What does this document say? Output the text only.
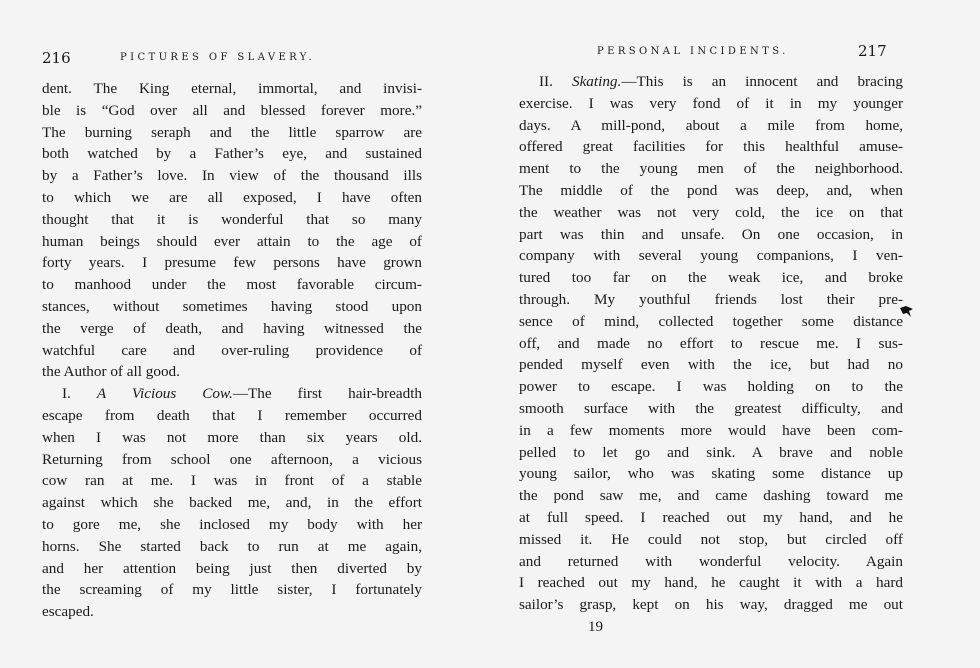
216	PICTURES OF SLAVERY.
dent. The King eternal, immortal, and invisi-
ble is “God over all and blessed forever more.”
The burning seraph and the little sparrow are
both watched by a Father’s eye, and sustained
by a Father’s love. In view of the thousand ills
to which we are all exposed, I have often
thought that it is wonderful that so many
human beings should ever attain to the age of
forty years. I presume few persons have grown
to manhood under the most favorable circum-
stances, without sometimes having stood upon
the verge of death, and having witnessed the
watchful care and over-ruling providence of
the Author of all good.
I. A Vicious Cow.—The first hair-breadth
escape from death that I remember occurred
when I was not more than six years old.
Returning from school one afternoon, a vicious
cow ran at me. I was in front of a stable
against which she backed me, and, in the effort
to gore me, she inclosed my body with her
horns. She started back to run at me again,
and her attention being just then diverted by
the screaming of my little sister, I fortunately
escaped.
PERSONAL INCIDENTS.	217
II. Skating.—This is an innocent and bracing
exercise. I was very fond of it in my younger
days. A mill-pond, about a mile from home,
offered great facilities for this healthful amuse-
ment to the young men of the neighborhood.
The middle of the pond was deep, and, when
the weather was not very cold, the ice on that
part was thin and unsafe. On one occasion, in
company with several young companions, I ven-
tured too far on the weak ice, and broke
through. My youthful friends lost their pre-
sence of mind, collected together some distance
off, and made no effort to rescue me. I sus-
pended myself even with the ice, but had no
power to escape. I was holding on to the
smooth surface with the greatest difficulty, and
in a few moments more would have been com-
pelled to let go and sink. A brave and noble
young sailor, who was skating some distance up
the pond saw me, and came dashing toward me
at full speed. I reached out my hand, and he
missed it. He could not stop, but circled off
and returned with wonderful velocity. Again
I reached out my hand, he caught it with a hard
sailor’s grasp, kept on his way, dragged me out
19
